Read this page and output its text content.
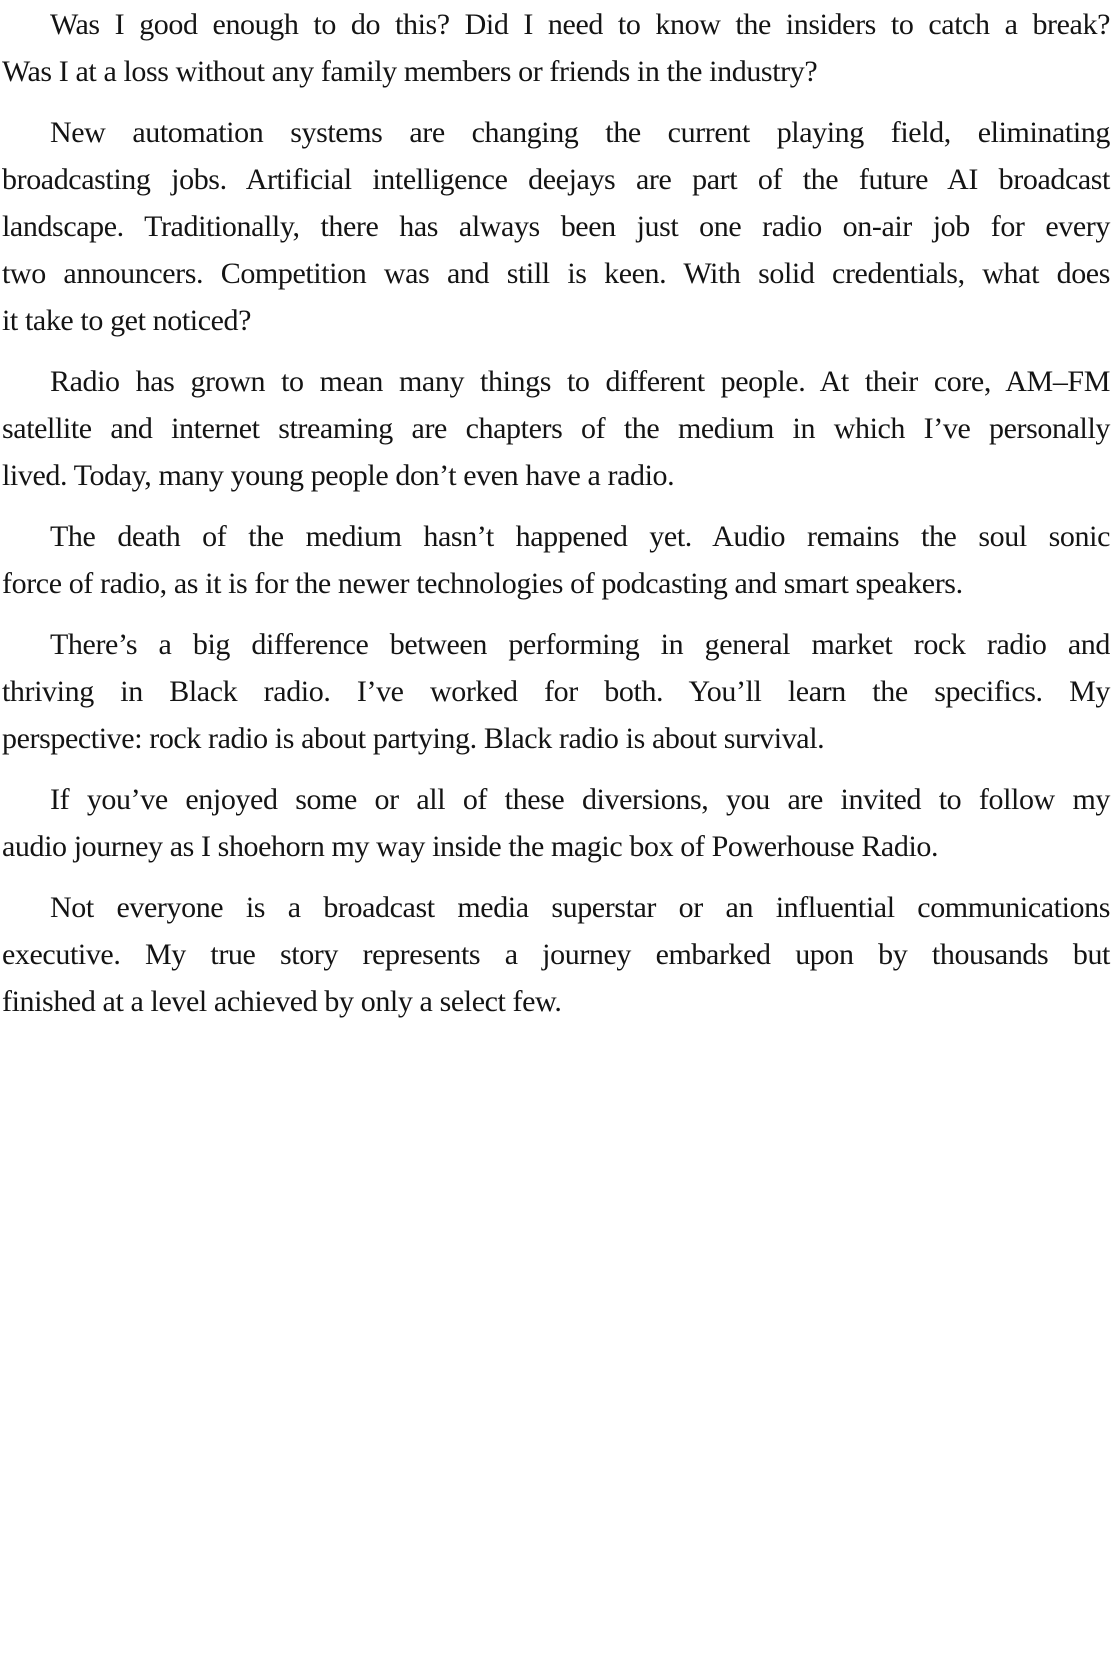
Was I good enough to do this? Did I need to know the insiders to catch a break?
Was I at a loss without any family members or friends in the industry?
New automation systems are changing the current playing field, eliminating
broadcasting jobs. Artificial intelligence deejays are part of the future AI broadcast
landscape. Traditionally, there has always been just one radio on-air job for every
two announcers. Competition was and still is keen. With solid credentials, what does
it take to get noticed?
Radio has grown to mean many things to different people. At their core, AM–FM
satellite and internet streaming are chapters of the medium in which I’ve personally
lived. Today, many young people don’t even have a radio.
The death of the medium hasn’t happened yet. Audio remains the soul sonic
force of radio, as it is for the newer technologies of podcasting and smart speakers.
There’s a big difference between performing in general market rock radio and
thriving in Black radio. I’ve worked for both. You’ll learn the specifics. My
perspective: rock radio is about partying. Black radio is about survival.
If you’ve enjoyed some or all of these diversions, you are invited to follow my
audio journey as I shoehorn my way inside the magic box of Powerhouse Radio.
Not everyone is a broadcast media superstar or an influential communications
executive. My true story represents a journey embarked upon by thousands but
finished at a level achieved by only a select few.
